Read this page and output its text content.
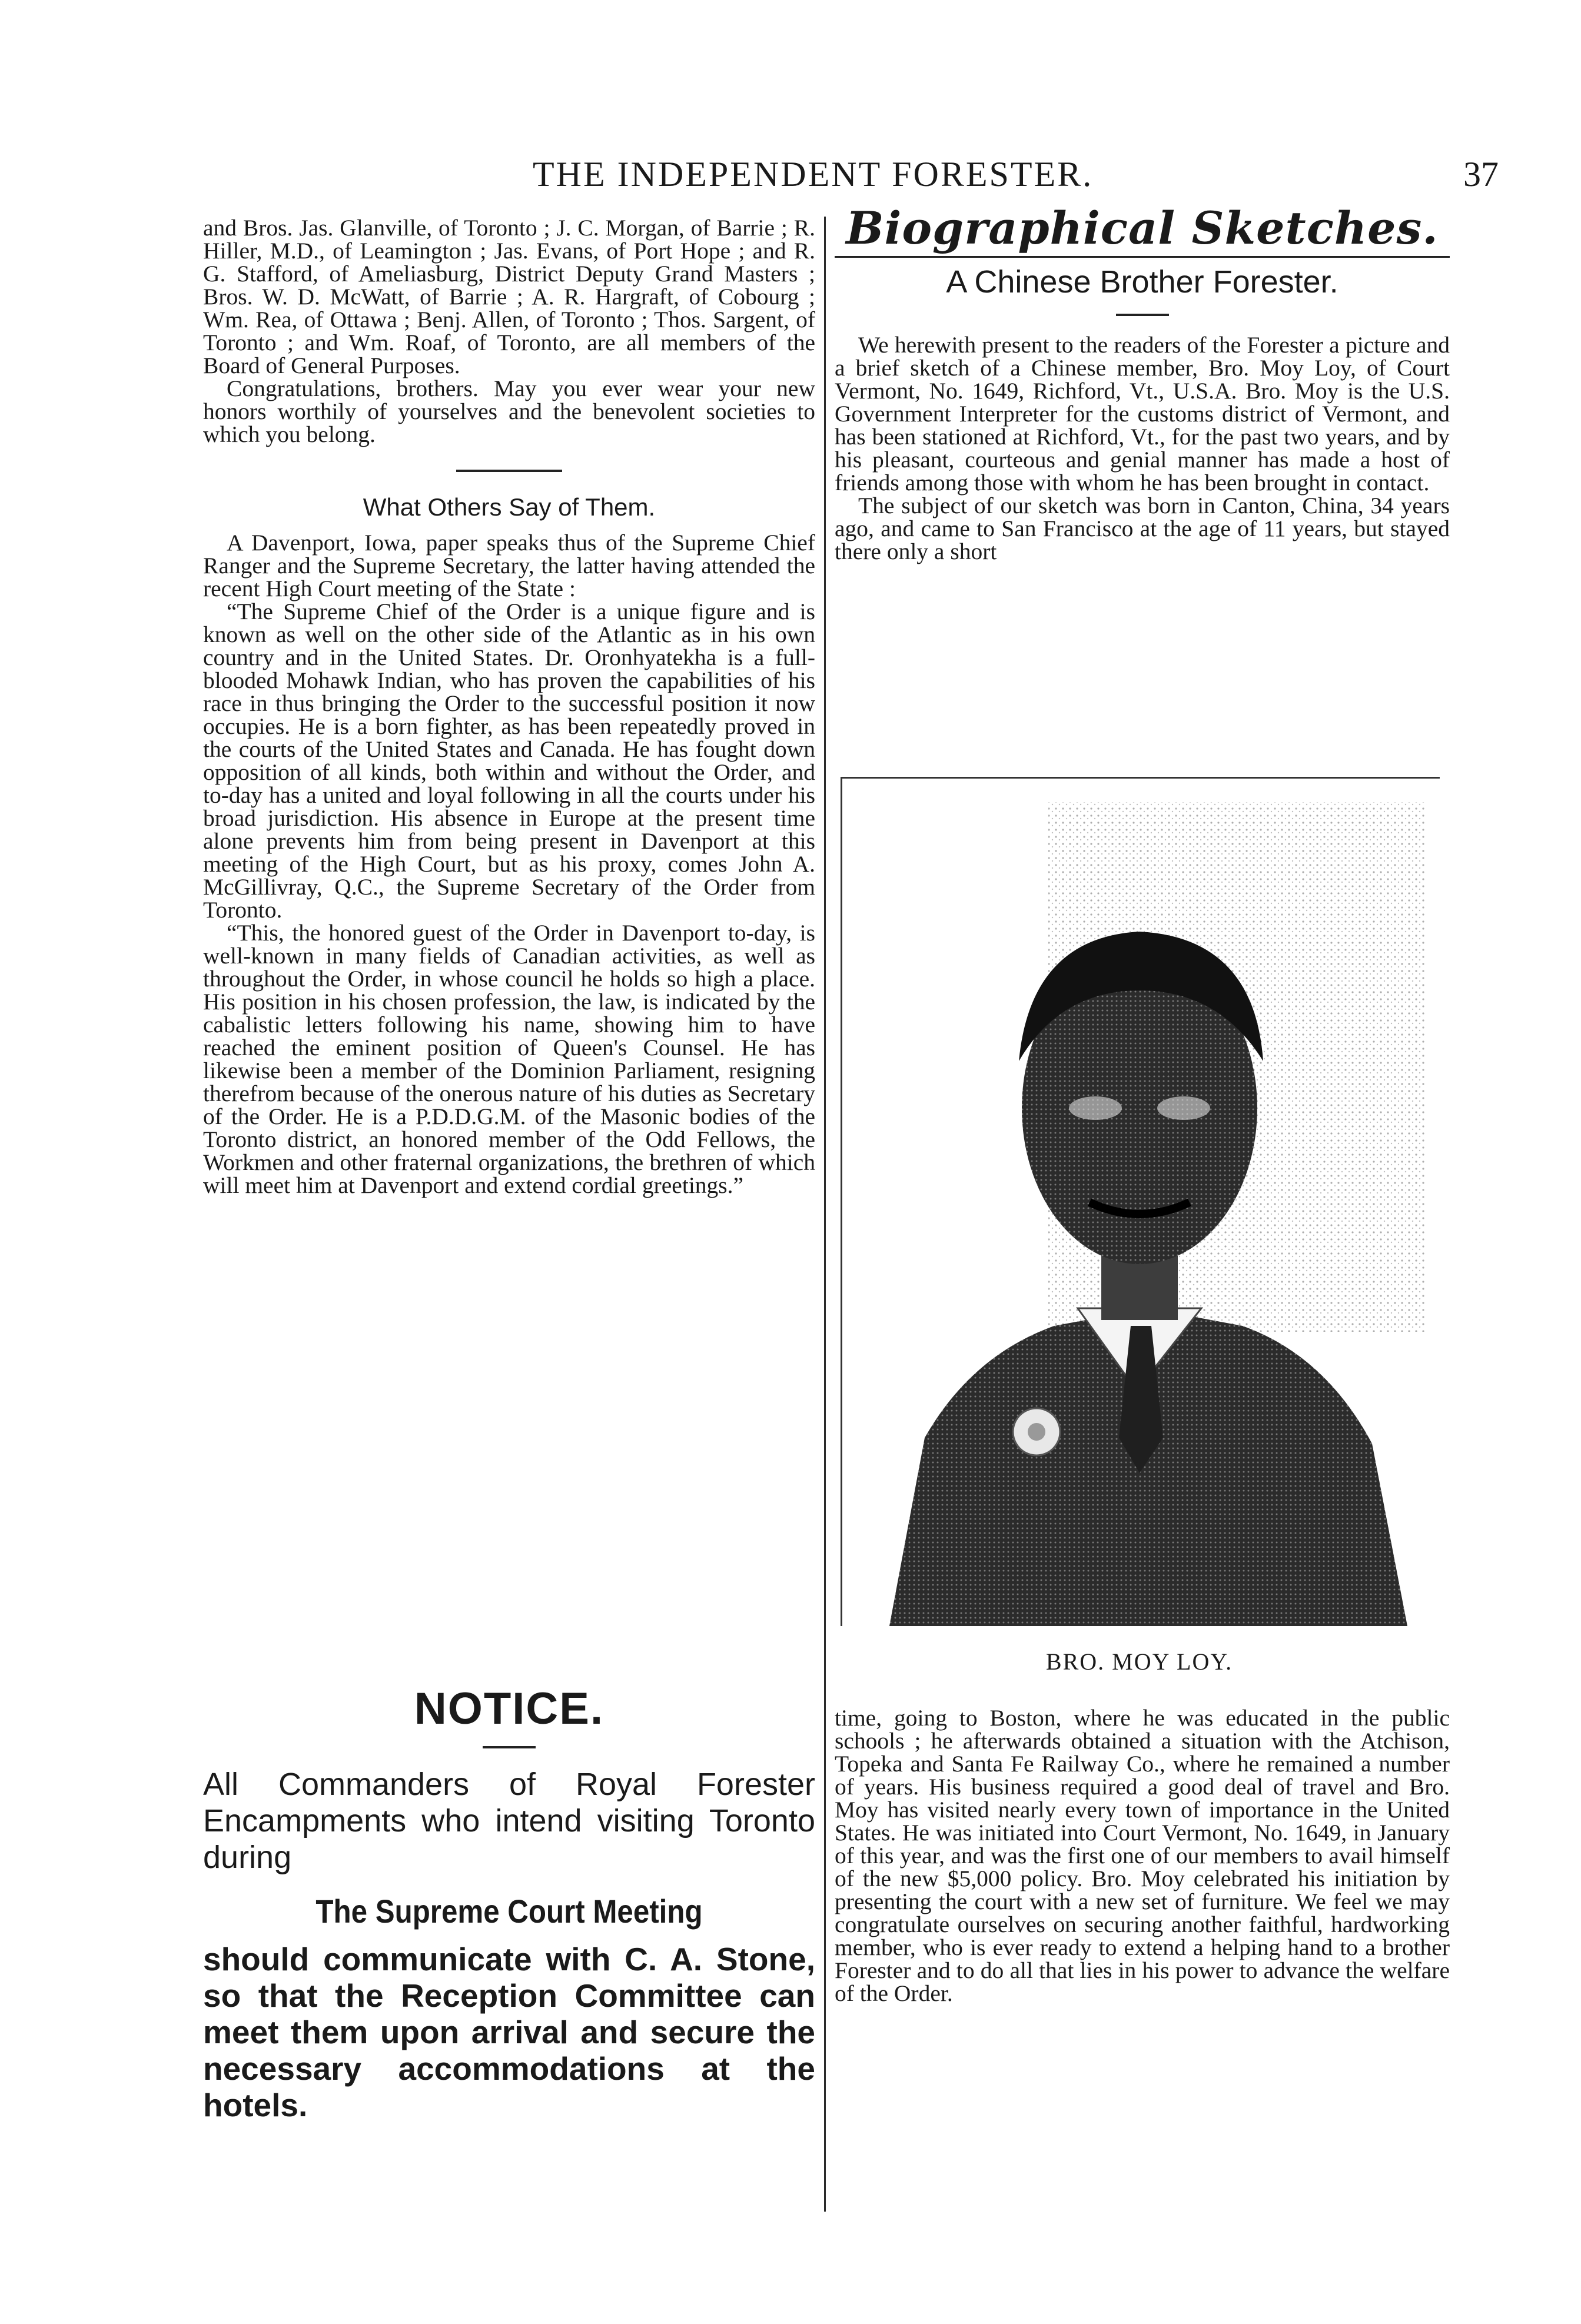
THE INDEPENDENT FORESTER.	37

and Bros. Jas. Glanville, of Toronto ; J. C. Morgan, of Barrie ; R. Hiller, M.D., of Leamington ; Jas. Evans, of Port Hope ; and R. G. Stafford, of Ameliasburg, District Deputy Grand Masters ; Bros. W. D. McWatt, of Barrie ; A. R. Hargraft, of Cobourg ; Wm. Rea, of Ottawa ; Benj. Allen, of Toronto ; Thos. Sargent, of Toronto ; and Wm. Roaf, of Toronto, are all members of the Board of General Purposes.

Congratulations, brothers. May you ever wear your new honors worthily of yourselves and the benevolent societies to which you belong.

What Others Say of Them.

A Davenport, Iowa, paper speaks thus of the Supreme Chief Ranger and the Supreme Secretary, the latter having attended the recent High Court meeting of the State :

“The Supreme Chief of the Order is a unique figure and is known as well on the other side of the Atlantic as in his own country and in the United States. Dr. Oronhyatekha is a full-blooded Mohawk Indian, who has proven the capabilities of his race in thus bringing the Order to the successful position it now occupies. He is a born fighter, as has been repeatedly proved in the courts of the United States and Canada. He has fought down opposition of all kinds, both within and without the Order, and to-day has a united and loyal following in all the courts under his broad jurisdiction. His absence in Europe at the present time alone prevents him from being present in Davenport at this meeting of the High Court, but as his proxy, comes John A. McGillivray, Q.C., the Supreme Secretary of the Order from Toronto.

“This, the honored guest of the Order in Davenport to-day, is well-known in many fields of Canadian activities, as well as throughout the Order, in whose council he holds so high a place. His position in his chosen profession, the law, is indicated by the cabalistic letters following his name, showing him to have reached the eminent position of Queen's Counsel. He has likewise been a member of the Dominion Parliament, resigning therefrom because of the onerous nature of his duties as Secretary of the Order. He is a P.D.D.G.M. of the Masonic bodies of the Toronto district, an honored member of the Odd Fellows, the Workmen and other fraternal organizations, the brethren of which will meet him at Davenport and extend cordial greetings.”

NOTICE.
All Commanders of Royal Forester Encampments who intend visiting Toronto during
The Supreme Court Meeting
should communicate with C. A. Stone, so that the Reception Committee can meet them upon arrival and secure the necessary accommodations at the hotels.
Biographical Sketches.
A Chinese Brother Forester.

We herewith present to the readers of the Forester a picture and a brief sketch of a Chinese member, Bro. Moy Loy, of Court Vermont, No. 1649, Richford, Vt., U.S.A. Bro. Moy is the U.S. Government Interpreter for the customs district of Vermont, and has been stationed at Richford, Vt., for the past two years, and by his pleasant, courteous and genial manner has made a host of friends among those with whom he has been brought in contact.

The subject of our sketch was born in Canton, China, 34 years ago, and came to San Francisco at the age of 11 years, but stayed there only a short

BRO. MOY LOY.

time, going to Boston, where he was educated in the public schools ; he afterwards obtained a situation with the Atchison, Topeka and Santa Fe Railway Co., where he remained a number of years. His business required a good deal of travel and Bro. Moy has visited nearly every town of importance in the United States. He was initiated into Court Vermont, No. 1649, in January of this year, and was the first one of our members to avail himself of the new $5,000 policy. Bro. Moy celebrated his initiation by presenting the court with a new set of furniture. We feel we may congratulate ourselves on securing another faithful, hardworking member, who is ever ready to extend a helping hand to a brother Forester and to do all that lies in his power to advance the welfare of the Order.
